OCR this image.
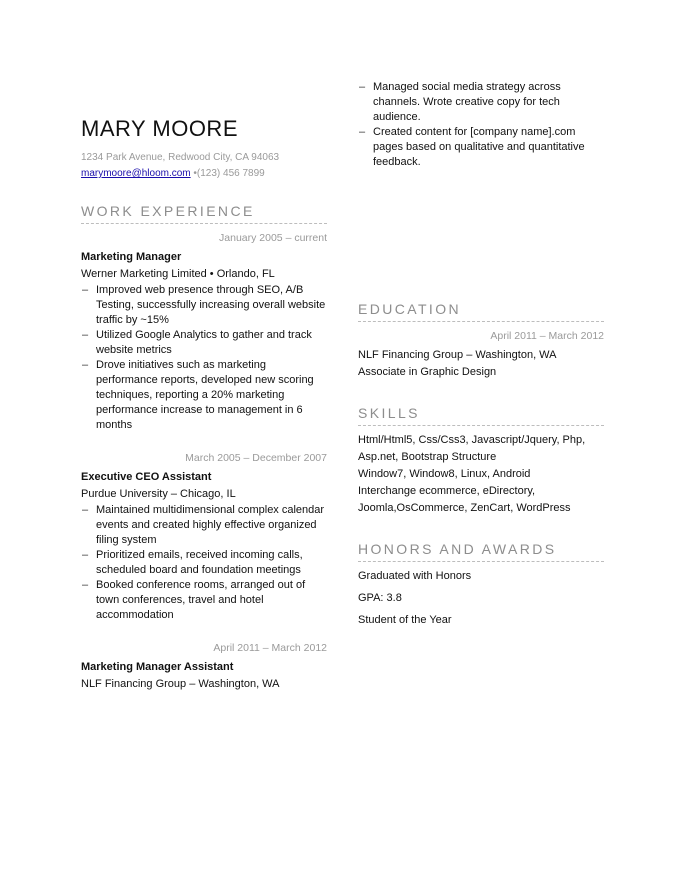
MARY MOORE
1234 Park Avenue, Redwood City, CA 94063
marymoore@hloom.com •(123) 456 7899
WORK EXPERIENCE
January 2005 – current
Marketing Manager
Werner Marketing Limited • Orlando, FL
– Improved web presence through SEO, A/B Testing, successfully increasing overall website traffic by ~15%
– Utilized Google Analytics to gather and track website metrics
– Drove initiatives such as marketing performance reports, developed new scoring techniques, reporting a 20% marketing performance increase to management in 6 months
March 2005 – December 2007
Executive CEO Assistant
Purdue University – Chicago, IL
– Maintained multidimensional complex calendar events and created highly effective organized filing system
– Prioritized emails, received incoming calls, scheduled board and foundation meetings
– Booked conference rooms, arranged out of town conferences, travel and hotel accommodation
April 2011 – March 2012
Marketing Manager Assistant
NLF Financing Group – Washington, WA
– Managed social media strategy across channels. Wrote creative copy for tech audience.
– Created content for [company name].com pages based on qualitative and quantitative feedback.
EDUCATION
April 2011 – March 2012
NLF Financing Group – Washington, WA
Associate in Graphic Design
SKILLS
Html/Html5, Css/Css3, Javascript/Jquery, Php,
Asp.net, Bootstrap Structure
Window7, Window8, Linux, Android
Interchange ecommerce, eDirectory,
Joomla,OsCommerce, ZenCart, WordPress
HONORS AND AWARDS
Graduated with Honors
GPA: 3.8
Student of the Year
